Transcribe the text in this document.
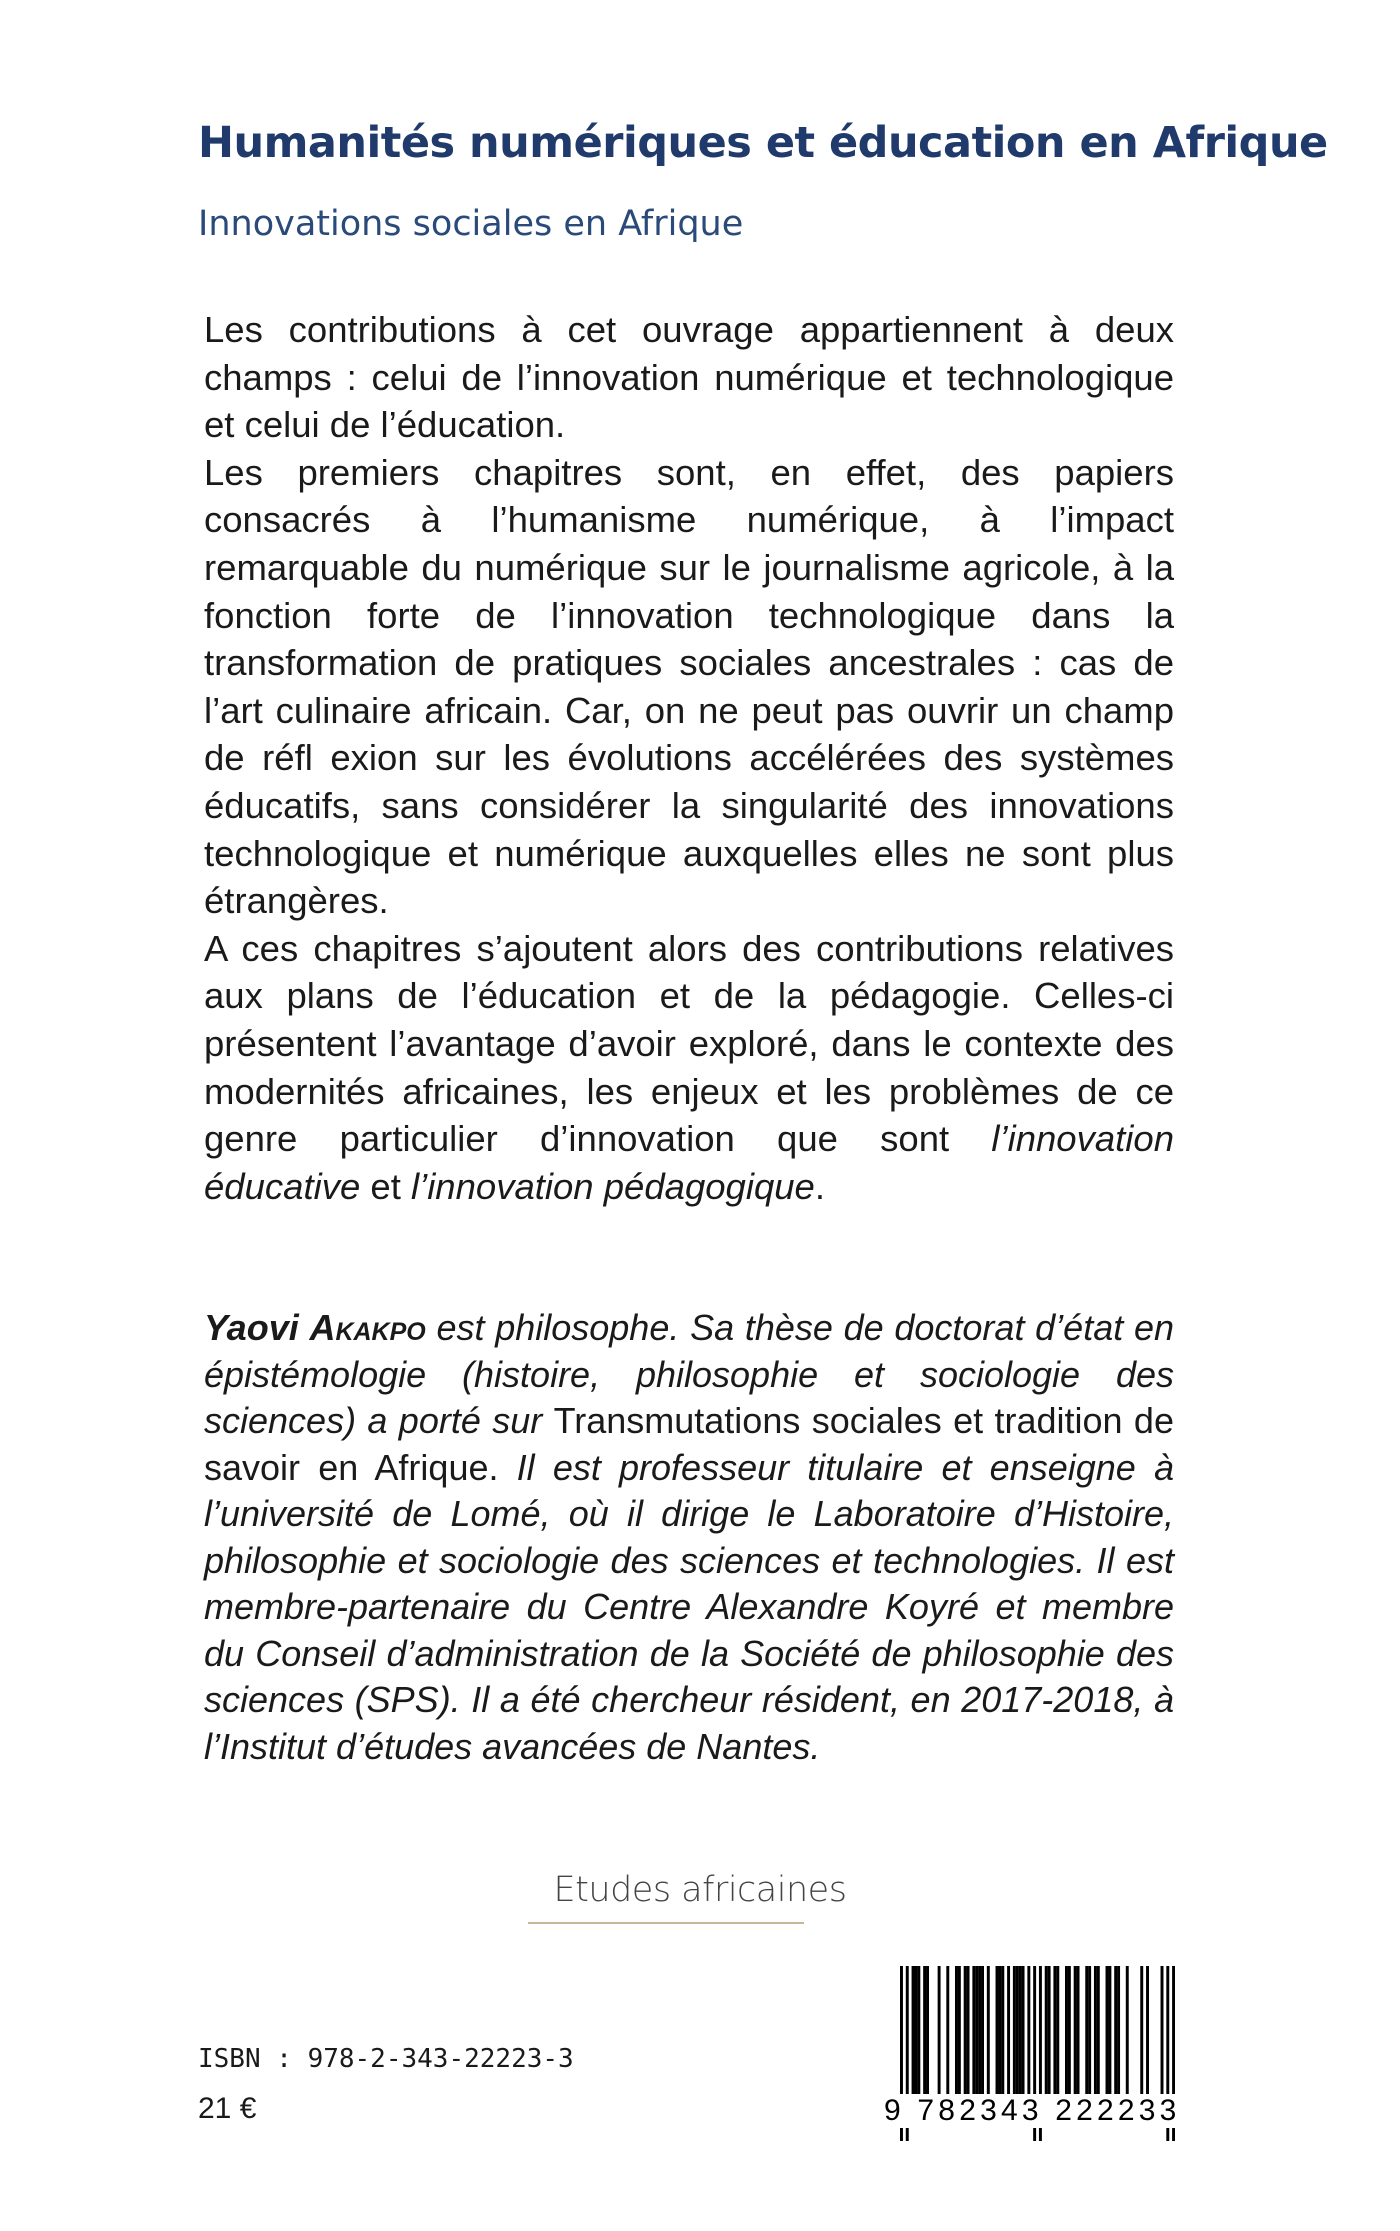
Humanités numériques et éducation en Afrique
Innovations sociales en Afrique

Les contributions à cet ouvrage appartiennent à deux champs : celui de l’innovation numérique et technologique et celui de l’éducation.

Les premiers chapitres sont, en effet, des papiers consacrés à l’humanisme numérique, à l’impact remarquable du numérique sur le journalisme agricole, à la fonction forte de l’innovation technologique dans la transformation de pratiques sociales ancestrales : cas de l’art culinaire africain. Car, on ne peut pas ouvrir un champ de réfl exion sur les évolutions accélérées des systèmes éducatifs, sans considérer la singularité des innovations technologique et numérique auxquelles elles ne sont plus étrangères.

A ces chapitres s’ajoutent alors des contributions relatives aux plans de l’éducation et de la pédagogie. Celles-ci présentent l’avantage d’avoir exploré, dans le contexte des modernités africaines, les enjeux et les problèmes de ce genre particulier d’innovation que sont l’innovation éducative et l’innovation pédagogique.

Yaovi Akakpo est philosophe. Sa thèse de doctorat d’état en épistémologie (histoire, philosophie et sociologie des sciences) a porté sur Transmutations sociales et tradition de savoir en Afrique. Il est professeur titulaire et enseigne à l’université de Lomé, où il dirige le Laboratoire d’Histoire, philosophie et sociologie des sciences et technologies. Il est membre-partenaire du Centre Alexandre Koyré et membre du Conseil d’administration de la Société de philosophie des sciences (SPS). Il a été chercheur résident, en 2017-2018, à l’Institut d’études avancées de Nantes.

Etudes africaines
ISBN : 978-2-343-22223-3
21 €	9 782343 222233
